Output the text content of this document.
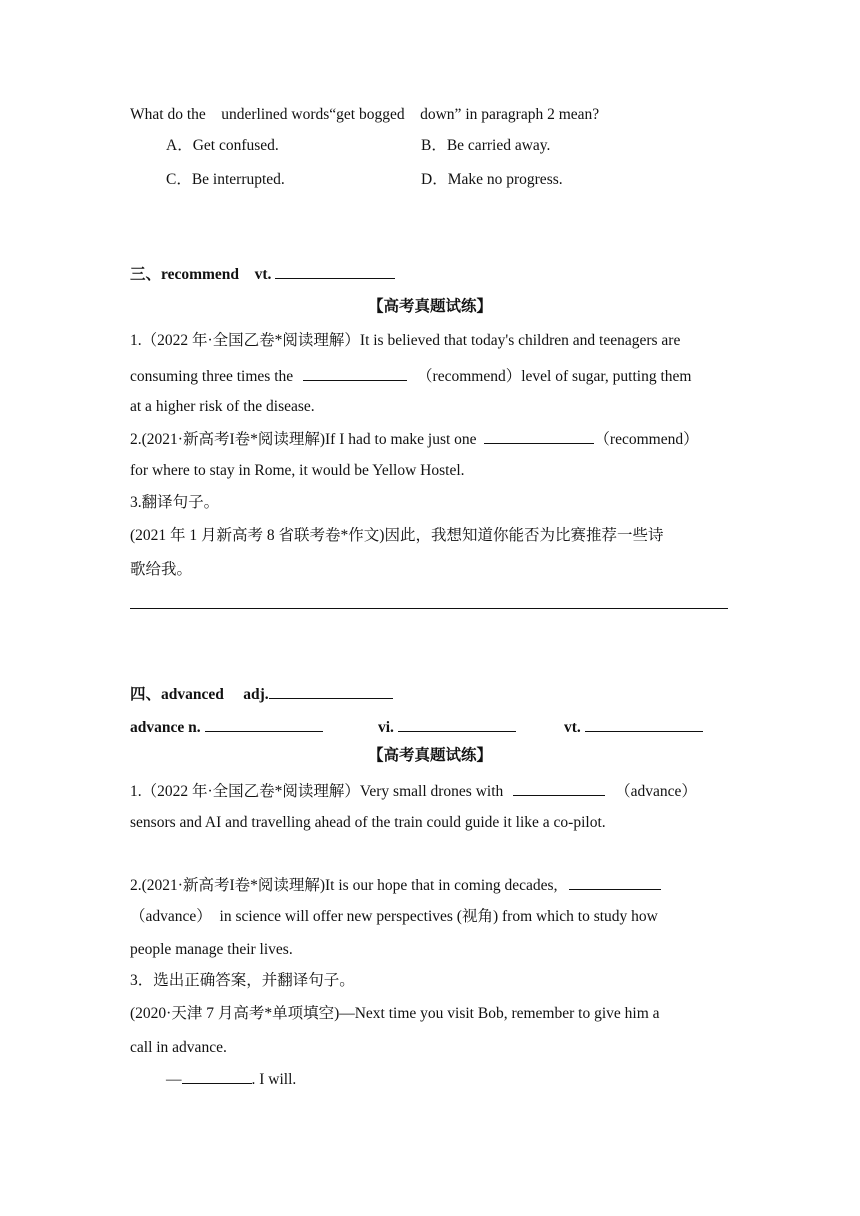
What do the　underlined words“get bogged　down” in paragraph 2 mean?
A．Get confused.	B．Be carried away.
C．Be interrupted.	D．Make no progress.
三、recommend vt.
【高考真题试练】
1.（2022 年·全国乙卷*阅读理解）It is believed that today's children and teenagers are
consuming three times the	（recommend）level of sugar, putting them
at a higher risk of the disease.
2.(2021·新高考I卷*阅读理解)If I had to make just one	（recommend）
for where to stay in Rome, it would be Yellow Hostel.
3.翻译句子。
(2021 年 1 月新高考 8 省联考卷*作文)因此，我想知道你能否为比赛推荐一些诗
歌给我。
四、advanced adj.
advance n.	vi.	vt.
【高考真题试练】
1.（2022 年·全国乙卷*阅读理解）Very small drones with	（advance）
sensors and AI and travelling ahead of the train could guide it like a co-pilot.
2.(2021·新高考I卷*阅读理解)It is our hope that in coming decades,
（advance）　in science will offer new perspectives (视角) from which to study how
people manage their lives.
3．选出正确答案，并翻译句子。
(2020·天津 7 月高考*单项填空)—Next time you visit Bob, remember to give him a
call in advance.
—	. I will.
